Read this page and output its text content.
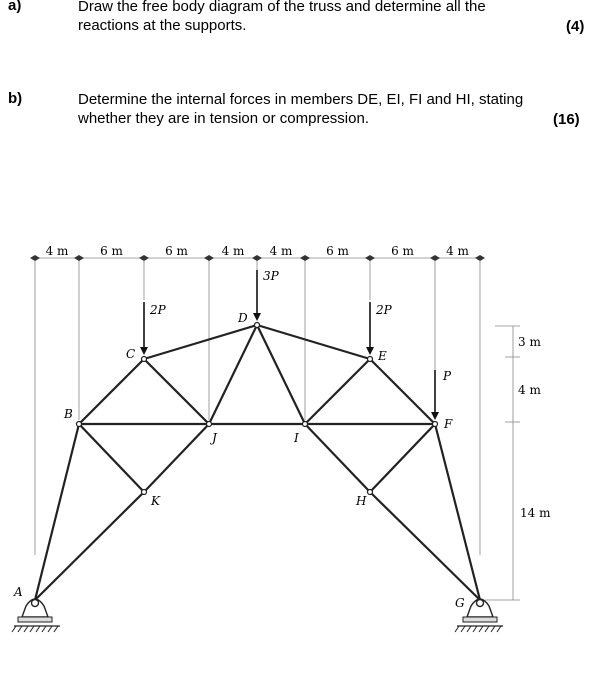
a)	Draw the free body diagram of the truss and determine all the
reactions at the supports.	(4)
b)	Determine the internal forces in members DE, EI, FI and HI, stating
whether they are in tension or compression.	(16)
4 m	6 m	6 m	4 m 4 m	6 m	6 m	4 m
3 m
4 m
14 m
2P
3P
2P
P
A
B
C
D
E
F
G
H
I
J
K
